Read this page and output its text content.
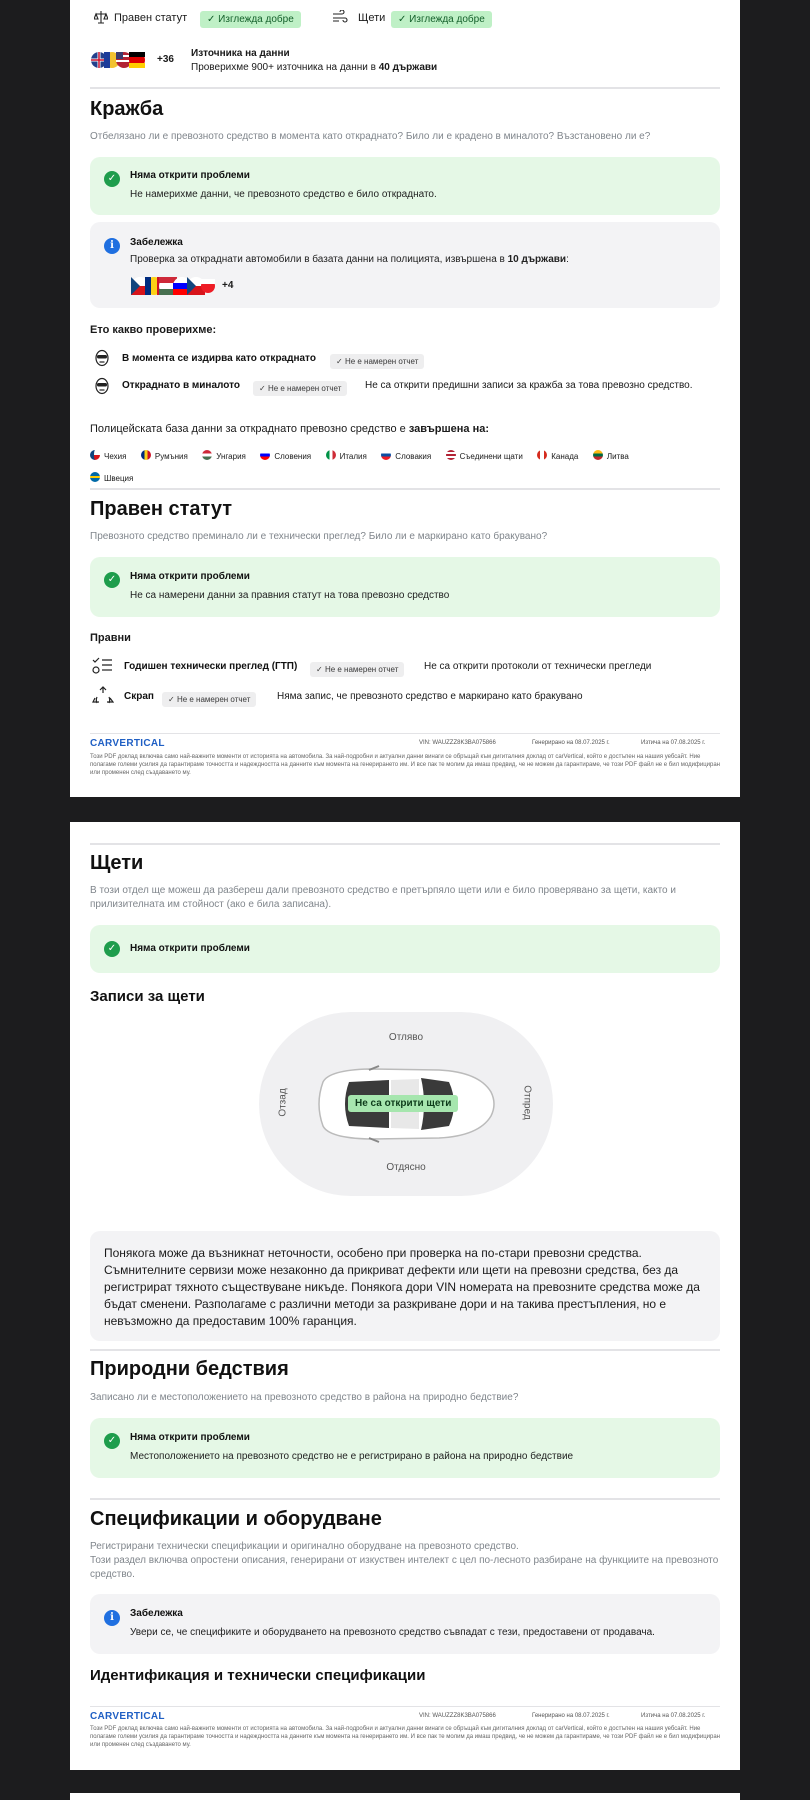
Правен статут	✓ Изглежда добре	Щети	✓ Изглежда добре
+36
Източника на данни
Проверихме 900+ източника на данни в 40 държави
Кражба
Отбелязано ли е превозното средство в момента като откраднато? Било ли е крадено в миналото? Възстановено ли е?
✓	Няма открити проблеми
Не намерихме данни, че превозното средство е било откраднато.
i	Забележка
Проверка за откраднати автомобили в базата данни на полицията, извършена в 10 държави:
+4
Ето какво проверихме:
В момента се издирва като откраднато	✓ Не е намерен отчет
Откраднато в миналото	✓ Не е намерен отчет	Не са открити предишни записи за кражба за това превозно средство.
Полицейската база данни за откраднато превозно средство е завършена на:
Чехия	Румъния	Унгария	Словения	Италия	Словакия	Съединени щати	Канада	Литва Швеция
Правен статут
Превозното средство преминало ли е технически преглед? Било ли е маркирано като бракувано?
✓	Няма открити проблеми
Не са намерени данни за правния статут на това превозно средство
Правни
Годишен технически преглед (ГТП)	✓ Не е намерен отчет	Не са открити протоколи от технически прегледи
Скрап	✓ Не е намерен отчет	Няма запис, че превозното средство е маркирано като бракувано
CARVERTICAL	VIN: WAUZZZ8K3BA075866	Генерирано на 08.07.2025 г.	Изтича на 07.08.2025 г.
Този PDF доклад включва само най-важните моменти от историята на автомобила. За най-подробни и актуални данни винаги се обръщай към дигиталния доклад от carVertical, който е достъпен на нашия уебсайт. Ние полагаме големи усилия да гарантираме точността и надеждността на данните към момента на генерирането им. И все пак те молим да имаш предвид, че не можем да гарантираме, че този PDF файл не е бил модифициран или променен след създаването му.
Щети
В този отдел ще можеш да разбереш дали превозното средство е претърпяло щети или е било проверявано за щети, както и прилизителната им стойност (ако е била записана).
✓	Няма открити проблеми
Записи за щети
Отляво
Отдясно
Отзад	Отпред
Не са открити щети
Понякога може да възникнат неточности, особено при проверка на по-стари превозни средства. Съмнителните сервизи може незаконно да прикриват дефекти или щети на превозни средства, без да регистрират тяхното съществуване никъде. Понякога дори VIN номерата на превозните средства може да бъдат сменени. Разполагаме с различни методи за разкриване дори и на такива престъпления, но е невъзможно да предоставим 100% гаранция.
Природни бедствия
Записано ли е местоположението на превозното средство в района на природно бедствие?
✓	Няма открити проблеми
Местоположението на превозното средство не е регистрирано в района на природно бедствие
Спецификации и оборудване
Регистрирани технически спецификации и оригинално оборудване на превозното средство.
Този раздел включва опростени описания, генерирани от изкуствен интелект с цел по-лесното разбиране на функциите на превозното средство.
i	Забележка
Увери се, че спецификите и оборудването на превозното средство съвпадат с тези, предоставени от продавача.
Идентификация и технически спецификации
CARVERTICAL	VIN: WAUZZZ8K3BA075866	Генерирано на 08.07.2025 г.	Изтича на 07.08.2025 г.
Този PDF доклад включва само най-важните моменти от историята на автомобила. За най-подробни и актуални данни винаги се обръщай към дигиталния доклад от carVertical, който е достъпен на нашия уебсайт. Ние полагаме големи усилия да гарантираме точността и надеждността на данните към момента на генерирането им. И все пак те молим да имаш предвид, че не можем да гарантираме, че този PDF файл не е бил модифициран или променен след създаването му.
